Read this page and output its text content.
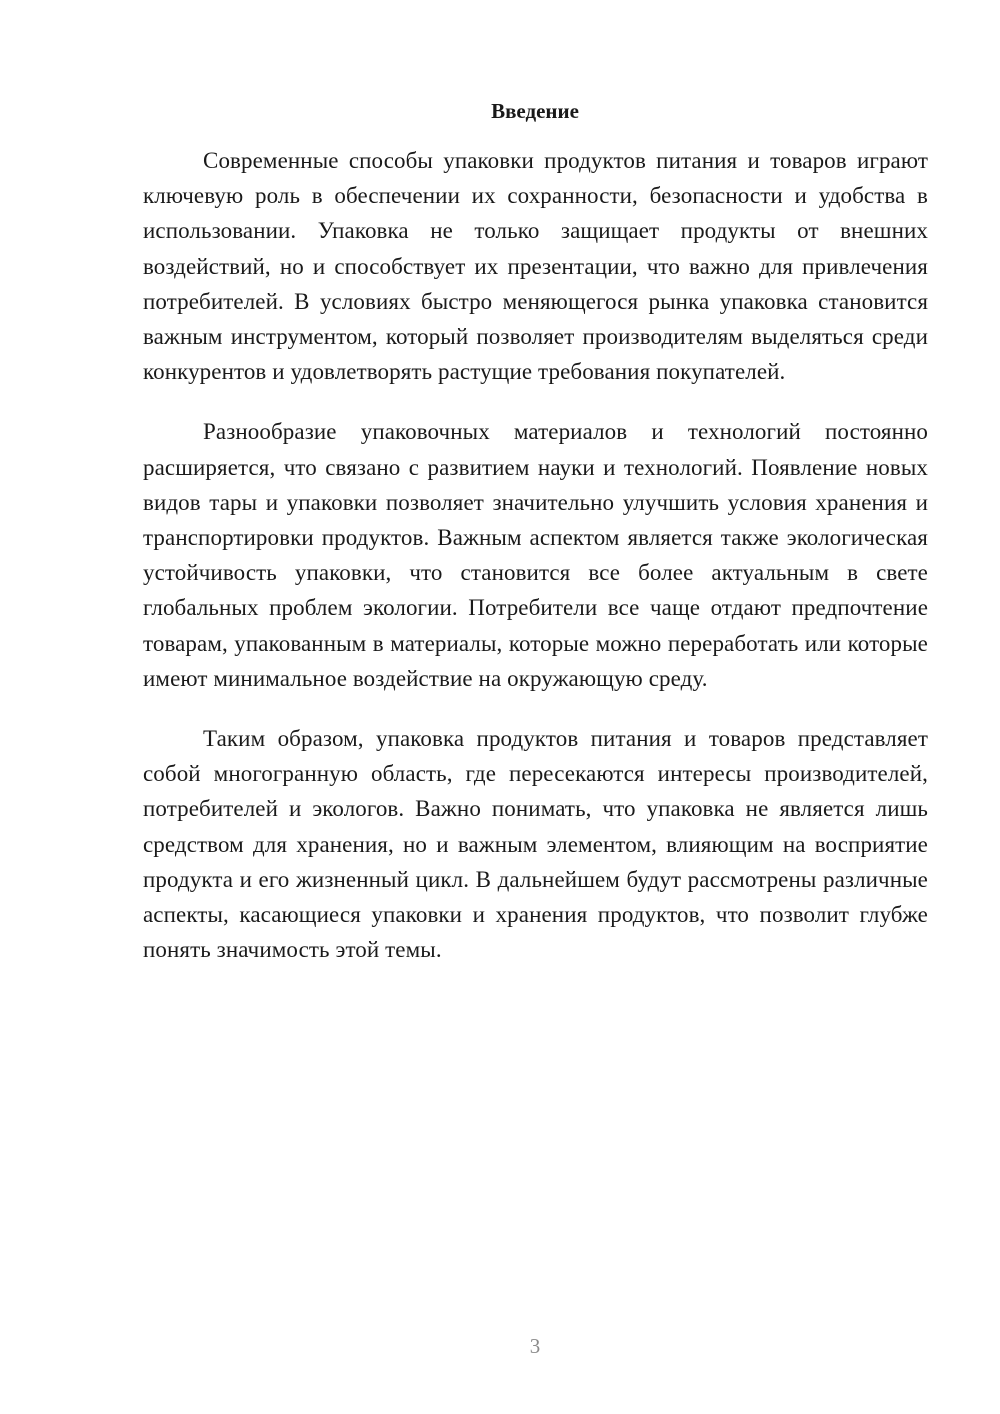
Введение

Современные способы упаковки продуктов питания и товаров играют ключевую роль в обеспечении их сохранности, безопасности и удобства в использовании. Упаковка не только защищает продукты от внешних воздействий, но и способствует их презентации, что важно для привлечения потребителей. В условиях быстро меняющегося рынка упаковка становится важным инструментом, который позволяет производителям выделяться среди конкурентов и удовлетворять растущие требования покупателей.

Разнообразие упаковочных материалов и технологий постоянно расширяется, что связано с развитием науки и технологий. Появление новых видов тары и упаковки позволяет значительно улучшить условия хранения и транспортировки продуктов. Важным аспектом является также экологическая устойчивость упаковки, что становится все более актуальным в свете глобальных проблем экологии. Потребители все чаще отдают предпочтение товарам, упакованным в материалы, которые можно переработать или которые имеют минимальное воздействие на окружающую среду.

Таким образом, упаковка продуктов питания и товаров представляет собой многогранную область, где пересекаются интересы производителей, потребителей и экологов. Важно понимать, что упаковка не является лишь средством для хранения, но и важным элементом, влияющим на восприятие продукта и его жизненный цикл. В дальнейшем будут рассмотрены различные аспекты, касающиеся упаковки и хранения продуктов, что позволит глубже понять значимость этой темы.

3
